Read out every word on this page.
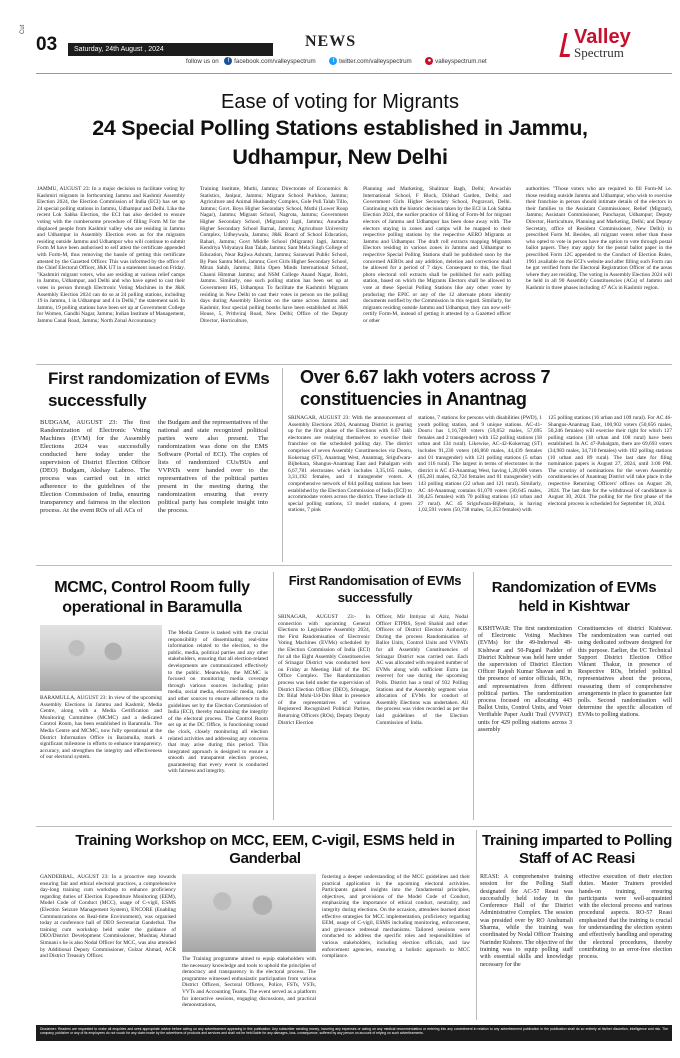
Cut
03	Saturday, 24th August , 2024	NEWS	Valley
Spectrum
follow us on f facebook.com/valleyspectrum	t twitter.com/valleyspectrum	● valleyspectrum.net
Ease of voting for Migrants
24 Special Polling Stations established in Jammu, Udhampur, New Delhi
JAMMU, AUGUST 23: In a major decision to facilitate voting by Kashmiri migrants in forthcoming Jammu and Kashmir Assembly Election 2024, the Election Commission of India (ECI) has set up 24 special polling stations in Jammu, Udhampur and Delhi. Like the recent Lok Sabha Election, the ECI has also decided to ensure voting with the cumbersome procedure of filling Form M for the displaced people from Kashmir valley who are residing in Jammu and Udhampur in Assembly Election even as for the migrants residing outside Jammu and Udhampur who will continue to submit Form M have been authorised to self attest the certificate appended with Form-M, thus removing the hassle of getting this certificate attested by the Gazetted Officer. This was informed by the office of the Chief Electoral Officer, J&K UT in a statement issued on Friday. "Kashmiri migrant voters, who are residing at various relief camps in Jammu, Udhampur, and Delhi and who have opted to cast their votes in person through Electronic Voting Machines in the J&K Assembly Election 2024 can do so at 24 polling stations, including 19 in Jammu, 1 in Udhampur and 4 in Delhi," the statement said. In Jammu, 19 polling stations have been set up at Government College for Women, Gandhi Nagar, Jammu; Indian Institute of Management, Jammu Canal Road, Jammu; North Zonal Accountancy
Training Institute, Muthi, Jammu; Directorate of Economics & Statistics, Janipur, Jammu; Migrant School Purkhoo, Jammu; Agriculture and Animal Husbandry Complex, Gole Puli Talab Tillo, Jammu; Govt. Boys Higher Secondary School, Muthi (Lower Roop Nagar), Jammu; Migrant School, Nagrota, Jammu; Government Higher Secondary School, (Migrants) Jagti, Jammu; Anuradha Higher Secondary School Barnai, Jammu; Agriculture University Complex, Udheywala, Jammu; J&K Board of School Education, Bahari, Jammu; Govt Middle School (Migrants) Jagti, Jammu; Kendriya Vidyalaya Ban Talab, Jammu; Sant Mela Singh College of Education, Near Rajiwa Ashram, Jammu; Saraswati Public School, By Pass Santra Morh, Jammu; Govt Girls Higher Secondary School, Miran Sahib, Jammu; Birla Open Minds International School, Channi Himmat Jammu; and NSM College Anand Nagar, Bohri, Jammu. Similarly, one such polling station has been set up at Government HS, Udhampur. To facilitate the Kashmiri Migrants residing in New Delhi to cast their votes in person on the polling days during Assembly Election on the same across Jammu and Kashmir, four special polling booths have been established at J&K House, 5, Prithviraj Road, New Delhi; Office of the Deputy Director, Horticulture,
Planning and Marketing, Shalimar Bagh, Delhi; Arwachin International School, F Block, Dilshad Garden, Delhi; and Government Girls Higher Secondary School, Pogravari, Delhi. Continuing with the historic decision taken by the ECI in Lok Sabha Election 2024, the earlier practice of filling of Form-M for migrant electors of Jammu and Udhampur has been done away with. The electors staying in zones and camps will be mapped to their respective polling stations by the respective AERO Migrants at Jammu and Udhampur. The draft roll extracts mapping Migrants Electors residing in various zones in Jammu and Udhampur to respective Special Polling Stations shall be published soon by the concerned AEROs and any addition, deletion and corrections shall be allowed for a period of 7 days. Consequent to this, the final photo electoral roll extracts shall be published for each polling station, based on which the Migrants Electors shall be allowed to vote at these Special Polling Stations like any other voter by producing the EPIC or any of the 12 alternate photo identity documents notified by the Commission in this regard. Similarly, for migrants residing outside Jammu and Udhampur, they can now self-certify Form-M, instead of getting it attested by a Gazetted officer or other
authorities. "Those voters who are required to fill Form-M i.e. those residing outside Jammu and Udhampur, who wish to exercise their franchise in person should intimate details of the electors in their families to the Assistant Commissioner, Relief (Migrant), Jammu; Assistant Commissioner, Panchayat, Udhampur; Deputy Director, Horticulture, Planning and Marketing, Delhi; and Deputy Secretary, office of Resident Commissioner, New Delhi) in prescribed Form M. Besides, all migrant voters other than those who opted to vote in person have the option to vote through postal ballot papers. They may apply for the postal ballot paper in the prescribed Form 12C appended to the Conduct of Election Rules, 1961 available on the ECI's website and after filling such Form can be got verified from the Electoral Registration Officer of the areas where they are residing. The voting in Assembly Election 2024 will be held in all 90 Assembly Constituencies (ACs) of Jammu and Kashmir in three phases including 47 ACs in Kashmir region.
First randomization of EVMs successfully
BUDGAM, AUGUST 23: The first Randomization of Electronic Voting Machines (EVM) for the Assembly Elections 2024 was successfully conducted here today under the supervision of District Election Officer (DEO) Budgam, Akshay Labroo. The process was carried out in strict adherence to the guidelines of the Election Commission of India, ensuring transparency and fairness in the election process. At the event ROs of all ACs of
the Budgam and the representatives of the national and state recognized political parties were also present. The randomization was done on the EMS Software (Portal of ECI). The copies of lists of randomized CUs/BUs and VVPATs were handed over to the representatives of the political parties present in the meeting during the randomization ensuring that every political party has complete insight into the process.
Over 6.67 lakh voters across 7 constituencies in Anantnag
SRINAGAR, AUGUST 23: With the announcement of Assembly Elections 2024, Anantnag District is gearing up for the first phase of the Elections with 6.67 lakh electorates are readying themselves to exercise their franchise on the scheduled polling day. The district comprises of seven Assembly Constituencies viz Dooru, Kokernag (ST), Anantnag West, Anantnag, Srigufwara-Bijbehara, Shangus-Anantnag East and Pahalgam with 6,67,781 electorates which includes 3,35,165 males, 3,31,192 females, and 4 transgender voters. A comprehensive network of 844 polling stations has been established by the Election Commission of India (ECI) to accommodate voters across the district. These include 41 special polling stations, 13 model stations, 4 green stations, 7 pink
stations, 7 stations for persons with disabilities (PWD), 1 youth polling station, and 9 unique stations. AC-41-Dooru has 1,16,749 voters (59,052 males, 57,695 females and 2 transgender) with 152 polling stations (18 urban and 134 rural). Likewise, AC-42-Kokernag (ST) includes 91,230 voters (46,860 males, 44,439 females and 01 transgender) with 121 polling stations (5 urban and 116 rural). The largest in terms of electorates in the district is AC 43-Anantnag West, having 1,28,006 voters (65,281 males, 62,724 females and 01 transgender) with 143 polling stations (22 urban and 121 rural). Similarly, AC 44-Anantnag contains 61,070 voters (30,645 males, 30,425 females) with 70 polling stations (43 urban and 27 rural). AC 45 Srigufwara-Bijbehara, is having 1,02,591 voters (50,738 males, 51,353 females) with
125 polling stations (16 urban and 109 rural). For AC 46-Shangus-Anantnag East, 100,902 voters (50,656 males, 50,246 females) will exercise their right for which 127 polling stations (18 urban and 108 rural) have been established. In AC 47-Pahalgam, there are 69,693 voters (34,983 males, 34,710 females) with 102 polling stations (10 urban and 89 rural). The last date for filing nomination papers is August 27, 2024, until 3:00 PM. The scrutiny of nominations for the seven Assembly constituencies of Anantnag District will take place in the respective Returning Officers' offices on August 28, 2024. The last date for the withdrawal of candidature is August 30, 2024. The polling for the first phase of the electoral process is scheduled for September 18, 2024.
MCMC, Control Room fully operational in Baramulla
BARAMULLA, AUGUST 23: In view of the upcoming Assembly Elections in Jammu and Kashmir, Media Centre, along with a Media Certification and Monitoring Committee (MCMC) and a dedicated Control Room, has been established in Baramulla. The Media Centre and MCMC, now fully operational at the District Information Office in Baramulla, mark a significant milestone in efforts to enhance transparency, accuracy, and strengthen the integrity and effectiveness of our electoral system.
The Media Centre is tasked with the crucial responsibility of disseminating real-time information related to the election, to the public, media, political parties and any other stakeholders, ensuring that all election-related developments are communicated effectively to the public. Meanwhile, the MCMC is focused on monitoring media coverage through various sources including print media, social media, electronic media, radio and other sources to ensure adherence to the guidelines set by the Election Commission of India (ECI), thereby maintaining the integrity of the electoral process. The Control Room set up at the DC Office, is functioning round the clock, closely monitoring all election related activities and addressing any concerns that may arise during this period. This integrated approach is designed to ensure a smooth and transparent election process, guaranteeing that every event is conducted with fairness and integrity.
First Randomisation of EVMs successfully
SRINAGAR, AUGUST 23:- In connection with upcoming General Elections to Legislative Assembly 2024, the First Randomisation of Electronic Voting Machines (EVMs) scheduled by the Election Commission of India (ECI) for all the Eight Assembly Constituencies of Srinagar District was conducted here on Friday at Meeting Hall of the DC Office Complex. The Randomization process was held under the supervision of District Election Officer (DEO), Srinagar, Dr. Bilal Mohi-Ud-Din Bhat in presence of the representatives of various Registered Recognized Political Parties, Returning Officers (ROs), Deputy Deputy District Election
Officer, Mir Imtiyaz ul Aziz, Nodal Officer ETPBS, Syed Shahid and other Officers of District Election Authority. During the process Randomisation of Ballot Units, Control Units and VVPATs for all Assembly Constituencies of Srinagar District was carried out. Each AC was allocated with required number of EVMs along with sufficient Extra (as reserve) for use during the upcoming Polls. District has a total of 932 Polling Stations and the Assembly segment wise allocation of EVMs for conduct of Assembly Elections was undertaken. All the process was video recorded as per the laid guidelines of the Election Commission of India.
Randomization of EVMs held in Kishtwar
KISHTWAR: The first randomization of Electronic Voting Machines (EVMs) for the 49-Inderwal 48-Kishtwar and 50-Paganl Padder of District Kishtwar was held here under the supervision of District Election Officer Rajesh Kumar Shavan and in the presence of senior officials, ROs, and representatives from different political parties. The randomization process focused on allocating 443 Ballot Units, Control Units, and Voter Verifiable Paper Audit Trail (VVPAT) units for 429 polling stations across 3 assembly
Constituencies of district Kishtwar. The randomization was carried out using dedicated software designed for this purpose. Earlier, the I/C Technical Support District Election Office Vikrant Thakur, in presence of Respective ROs, briefed political representatives about the process, reassuring them of comprehensive arrangements in place to guarantee fair polls. Second randomisation will determine the specific allocation of EVMs to polling stations.
Training Workshop on MCC, EEM, C-vigil, ESMS held in Ganderbal
GANDERBAL, AUGUST 23: In a proactive step towards ensuring fair and ethical electoral practices, a comprehensive day-long training cum workshop to enhance proficiency regarding duties of Election Expenditure Monitoring (EEM), Model Code of Conduct (MCC), usage of C-vigil, ESMS (Election Seizure Management System), ENCORE (Enabling Communications on Real-time Environment), was organised today at conference hall of DEO Secretariat Ganderbal. The training cum workshop held under the guidance of DEO/District Development Commissioner, Mushtaq Ahmad Simnani s he is also Nodal Officer for MCC, was also attended by Additional Deputy Commissioner, Gulzar Ahmad, ACR and District Treasury Officer.	The Training programme aimed to equip stakeholders with the necessary knowledge and tools to uphold the principles of democracy and transparency in the electoral process. The programme witnessed enthusiastic participation from various District Officers, Sectoral Officers, Police, FSTs, VSTs, VVTs and Accounting Teams. The event served as a platform for interactive sessions, engaging discussions, and practical demonstrations,
fostering a deeper understanding of the MCC guidelines and their practical application in the upcoming electoral activities. Participants gained insights into the fundamental principles, objectives, and provisions of the Model Code of Conduct, emphasizing the importance of ethical conduct, neutrality, and integrity during elections. On the occasion, attendees learned about effective strategies for MCC implementation, proficiency regarding EEM, usage of C-vigil, ESMS including monitoring, enforcement, and grievance redressal mechanisms. Tailored sessions were conducted to address the specific roles and responsibilities of various stakeholders, including election officials, and law enforcement agencies, ensuring a holistic approach to MCC compliance.
Training imparted to Polling Staff of AC Reasi
REASI: A comprehensive training session for the Polling Staff designated for AC-57 Reasi was successfully held today in the Conference Hall of the District Administrative Complex. The session was presided over by RO Anshumali Sharma, while the training was coordinated by Nodal Officer Training Narinder Kishore. The objective of the training was to equip polling staff with essential skills and knowledge necessary for the
effective execution of their election duties. Master Trainers provided hands-on training, ensuring participants were well-acquainted with the electoral process and various procedural aspects. RO-57 Reasi emphasized that the training is crucial for understanding the election system and effectively handling and operating the electoral procedures, thereby contributing to an error-free election process.
Disclaimer: Readers are requested to make all enquiries and seek appropriate advice before acting on any advertisement appearing in this publication. Any subscriber sending money, incurring any expenses or acting on any medical recommendation or entering into any commitment in relation to any advertisement publication in the publication shall do so entirely at his/her discretion, intelligence and risk. The company, publisher or any of its employees do not vouch for any claim made by the advertisers of products and services and shall not be held liable for any damages, loss, consequence, suffered by any person on account of relying on such advertisements.
